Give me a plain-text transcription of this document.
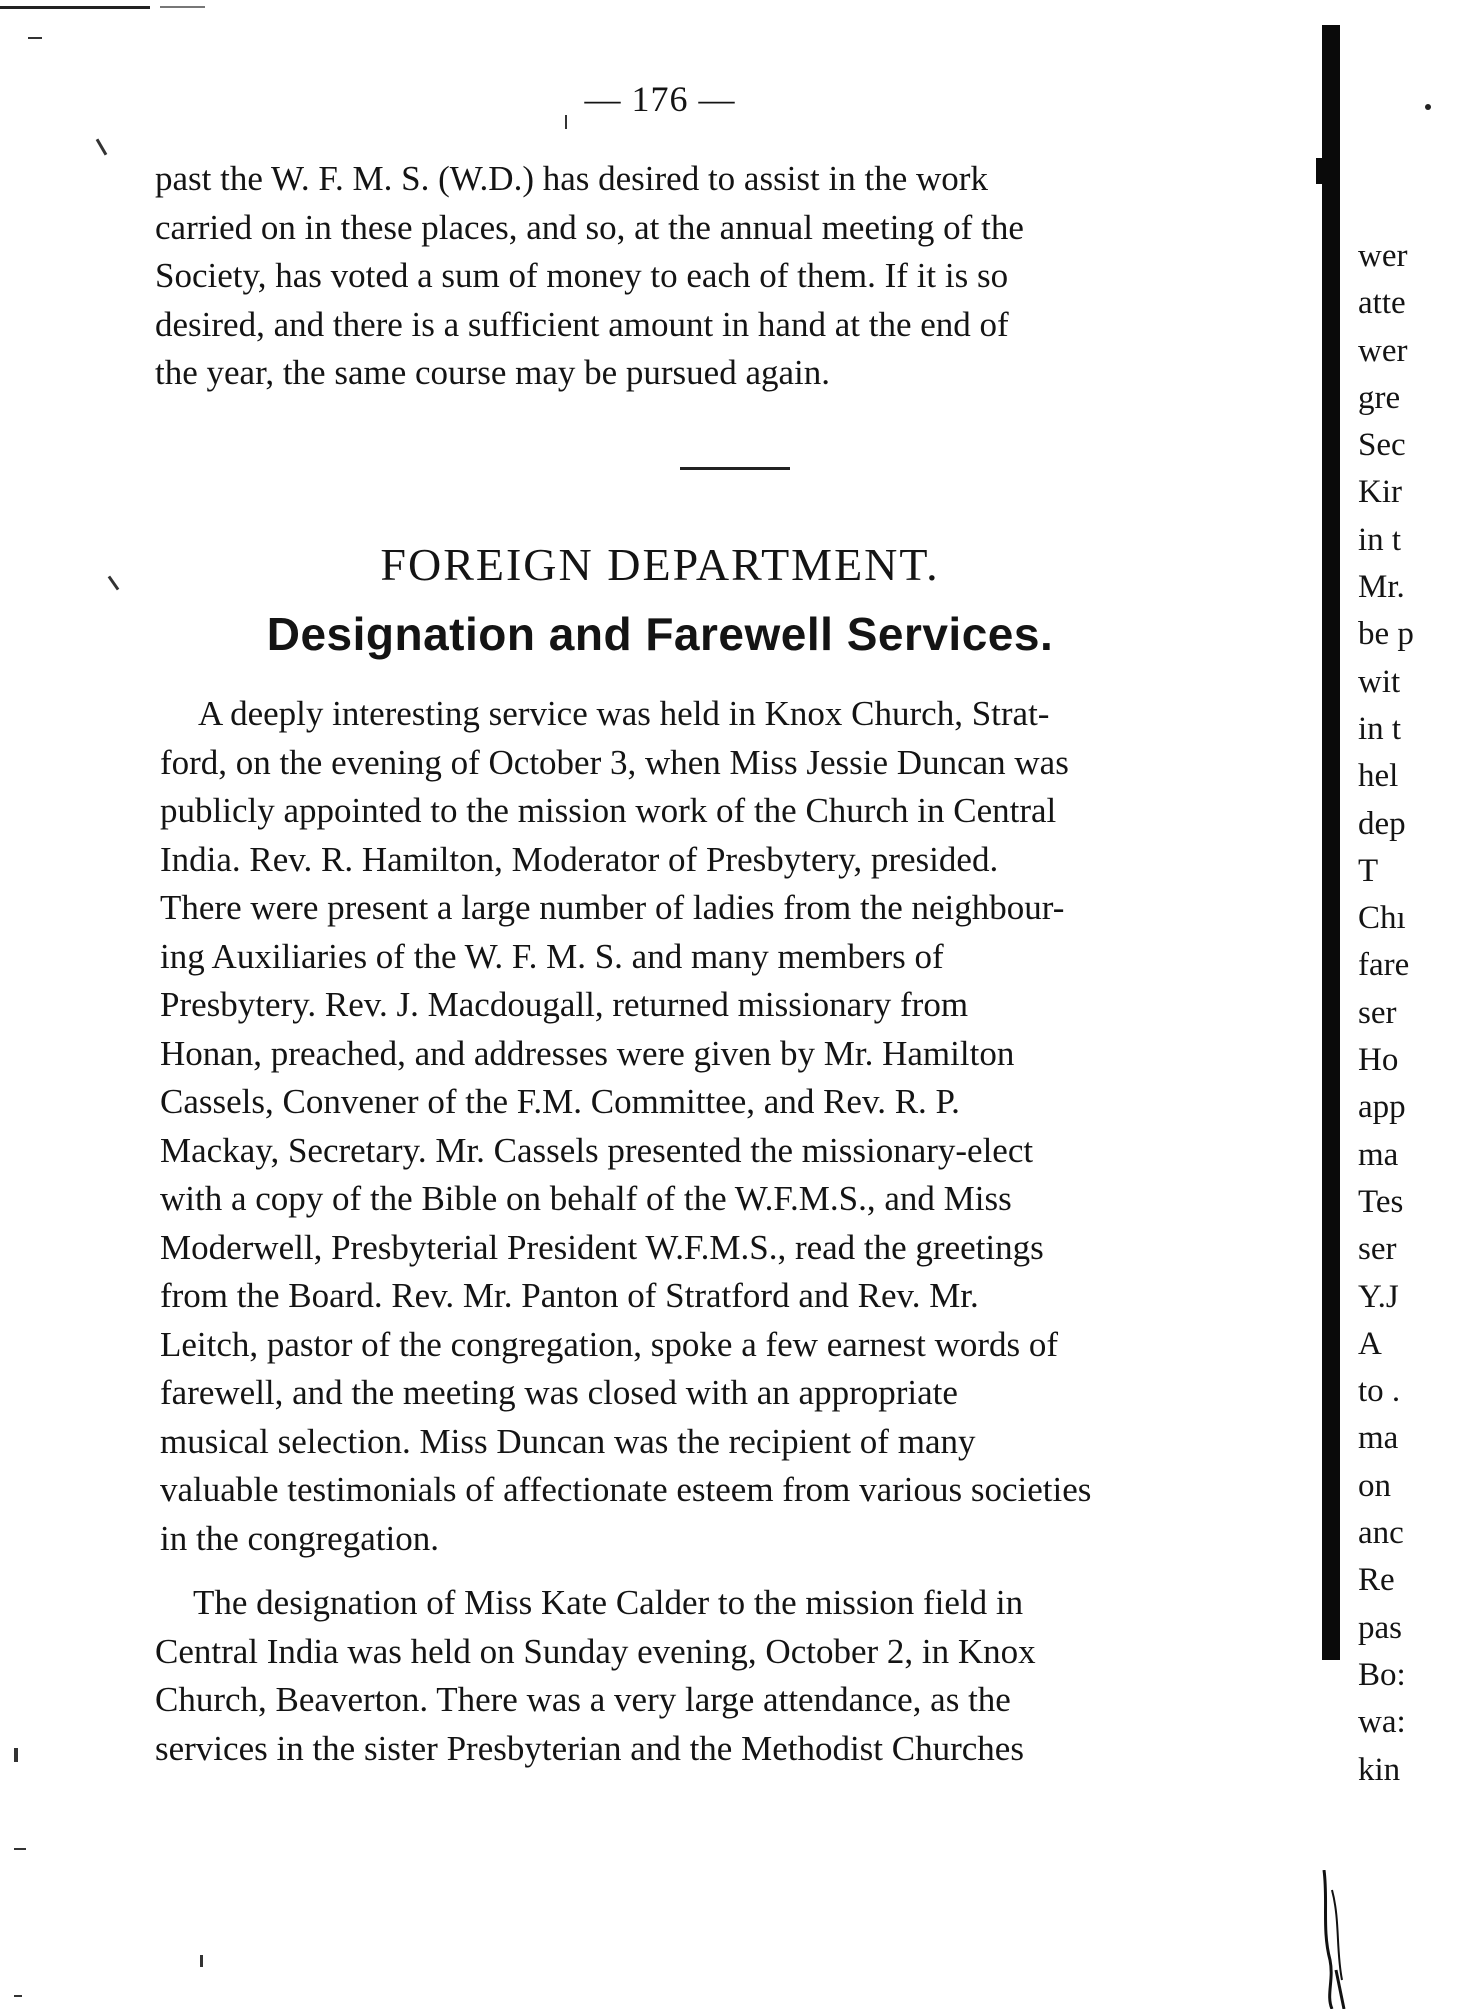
— 176 —

past the W. F. M. S. (W.D.) has desired to assist in the work

carried on in these places, and so, at the annual meeting of the

Society, has voted a sum of money to each of them. If it is so

desired, and there is a sufficient amount in hand at the end of

the year, the same course may be pursued again.

FOREIGN DEPARTMENT.
Designation and Farewell Services.

A deeply interesting service was held in Knox Church, Strat-

ford, on the evening of October 3, when Miss Jessie Duncan was

publicly appointed to the mission work of the Church in Central

India. Rev. R. Hamilton, Moderator of Presbytery, presided.

There were present a large number of ladies from the neighbour-

ing Auxiliaries of the W. F. M. S. and many members of

Presbytery. Rev. J. Macdougall, returned missionary from

Honan, preached, and addresses were given by Mr. Hamilton

Cassels, Convener of the F.M. Committee, and Rev. R. P.

Mackay, Secretary. Mr. Cassels presented the missionary-elect

with a copy of the Bible on behalf of the W.F.M.S., and Miss

Moderwell, Presbyterial President W.F.M.S., read the greetings

from the Board. Rev. Mr. Panton of Stratford and Rev. Mr.

Leitch, pastor of the congregation, spoke a few earnest words of

farewell, and the meeting was closed with an appropriate

musical selection. Miss Duncan was the recipient of many

valuable testimonials of affectionate esteem from various societies

in the congregation.

The designation of Miss Kate Calder to the mission field in

Central India was held on Sunday evening, October 2, in Knox

Church, Beaverton. There was a very large attendance, as the

services in the sister Presbyterian and the Methodist Churches

wer
atte
wer
gre
Sec
Kir
in t
Mr.
be p
wit
in t
hel
dep
T
Chı
fare
ser
Ho
app
ma
Tes
ser
Y.J
A
to .
ma
on
anc
Re
pas
Bo:
wa:
kin
